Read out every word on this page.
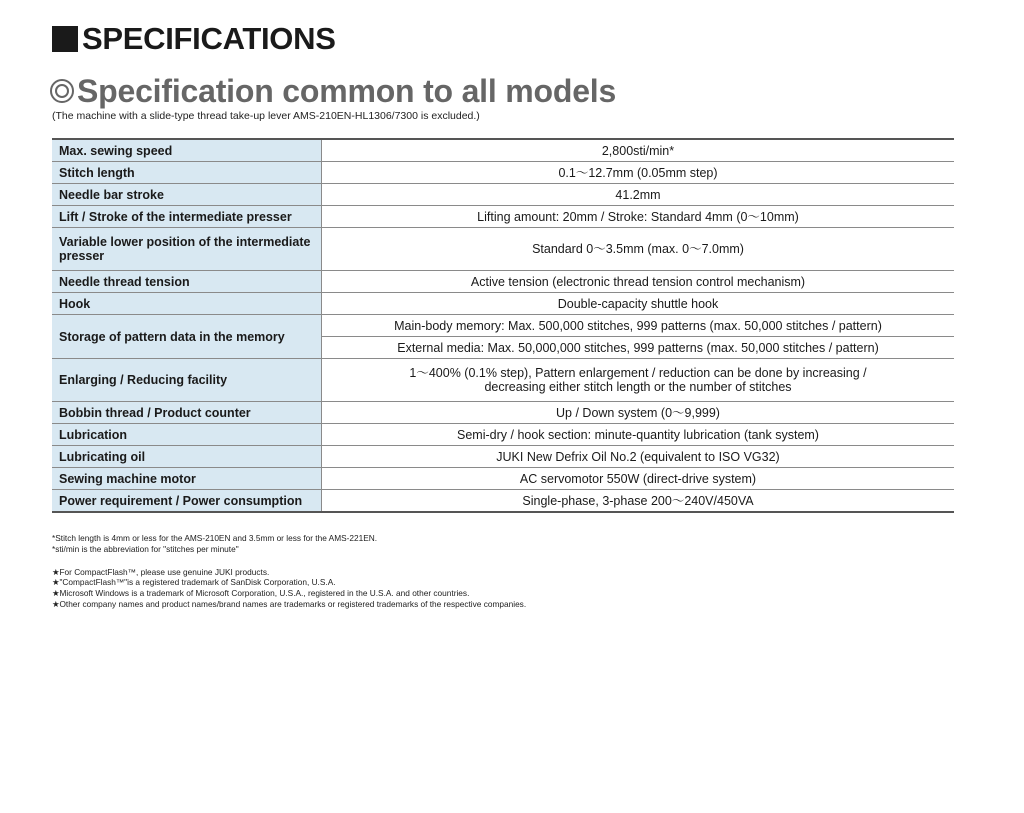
SPECIFICATIONS
Specification common to all models
(The machine with a slide-type thread take-up lever AMS-210EN-HL1306/7300 is excluded.)
Max. sewing speed	2,800sti/min*
Stitch length	0.1～12.7mm (0.05mm step)
Needle bar stroke	41.2mm
Lift / Stroke of the intermediate presser	Lifting amount: 20mm / Stroke: Standard 4mm (0～10mm)
Variable lower position of the intermediate presser	Standard 0～3.5mm (max. 0～7.0mm)
Needle thread tension	Active tension (electronic thread tension control mechanism)
Hook	Double-capacity shuttle hook
Storage of pattern data in the memory	Main-body memory: Max. 500,000 stitches, 999 patterns (max. 50,000 stitches / pattern)
	External media: Max. 50,000,000 stitches, 999 patterns (max. 50,000 stitches / pattern)
Enlarging / Reducing facility	1～400% (0.1% step), Pattern enlargement / reduction can be done by increasing /
decreasing either stitch length or the number of stitches

Bobbin thread / Product counter	Up / Down system (0～9,999)
Lubrication	Semi-dry / hook section: minute-quantity lubrication (tank system)
Lubricating oil	JUKI New Defrix Oil No.2 (equivalent to ISO VG32)
Sewing machine motor	AC servomotor 550W (direct-drive system)
Power requirement / Power consumption	Single-phase, 3-phase 200～240V/450VA
*Stitch length is 4mm or less for the AMS-210EN and 3.5mm or less for the AMS-221EN.
*sti/min is the abbreviation for "stitches per minute"
★For CompactFlash™, please use genuine JUKI products.
★"CompactFlash™"is a registered trademark of SanDisk Corporation, U.S.A.
★Microsoft Windows is a trademark of Microsoft Corporation, U.S.A., registered in the U.S.A. and other countries.
★Other company names and product names/brand names are trademarks or registered trademarks of the respective companies.
